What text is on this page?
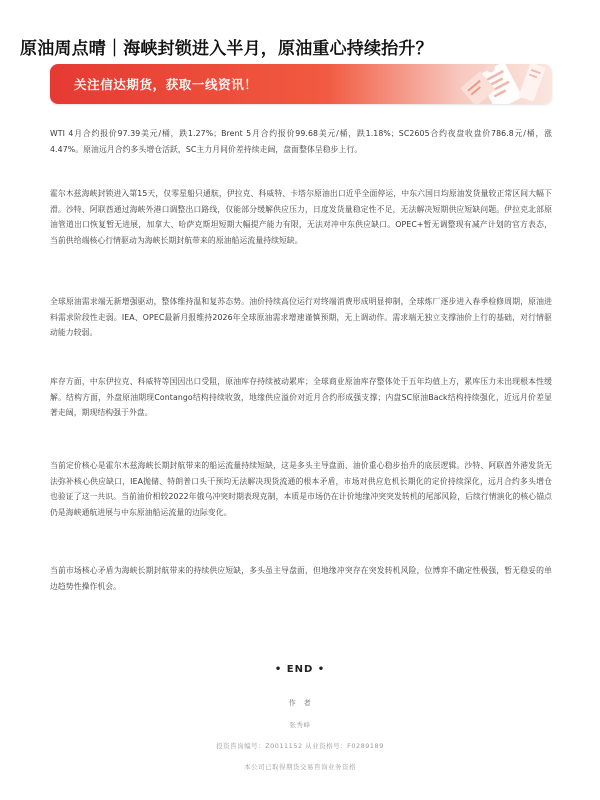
原油周点晴｜海峡封锁进入半月，原油重心持续抬升？
关注信达期货，获取一线资讯！

WTI 4月合约报价97.39美元/桶，跌1.27%；Brent 5月合约报价99.68美元/桶，跌1.18%；SC2605合约夜盘收盘价786.8元/桶，涨4.47%。原油远月合约多头增仓活跃，SC主力月间价差持续走阔，盘面整体呈稳步上行。

霍尔木兹海峡封锁进入第15天，仅零星船只通航，伊拉克、科威特、卡塔尔原油出口近乎全面停运，中东六国日均原油发货量较正常区间大幅下滑。沙特、阿联酋通过海峡外港口调整出口路线，仅能部分缓解供应压力，日度发货量稳定性不足，无法解决短期供应短缺问题。伊拉克北部原油管道出口恢复暂无进展，加拿大、哈萨克斯坦短期大幅提产能力有限，无法对冲中东供应缺口。OPEC+暂无调整现有减产计划的官方表态，当前供给端核心行情驱动为海峡长期封航带来的原油船运流量持续短缺。

全球原油需求端无新增强驱动，整体维持温和复苏态势。油价持续高位运行对终端消费形成明显抑制，全球炼厂逐步进入春季检修周期，原油进料需求阶段性走弱。IEA、OPEC最新月报维持2026年全球原油需求增速谨慎预期，无上调动作。需求端无独立支撑油价上行的基础，对行情驱动能力较弱。

库存方面，中东伊拉克、科威特等国因出口受阻，原油库存持续被动累库；全球商业原油库存整体处于五年均值上方，累库压力未出现根本性缓解。结构方面，外盘原油期现Contango结构持续收敛，地缘供应溢价对近月合约形成强支撑；内盘SC原油Back结构持续强化，近远月价差显著走阔，期现结构强于外盘。

当前定价核心是霍尔木兹海峡长期封航带来的船运流量持续短缺，这是多头主导盘面、油价重心稳步抬升的底层逻辑。沙特、阿联酋外港发货无法弥补核心供应缺口，IEA抛储、特朗普口头干预均无法解决现货流通的根本矛盾，市场对供应危机长期化的定价持续深化，远月合约多头增仓也验证了这一共识。当前油价相较2022年俄乌冲突时期表现克制，本质是市场仍在计价地缘冲突突发转机的尾部风险，后续行情演化的核心锚点仍是海峡通航进展与中东原油船运流量的边际变化。

当前市场核心矛盾为海峡长期封航带来的持续供应短缺，多头虽主导盘面，但地缘冲突存在突发转机风险，位博弈不确定性极强，暂无稳妥的单边趋势性操作机会。

• END •
作　者
张秀峰
投资咨询编号：Z0011152 从业资格号：F0289189
本公司已取得期货交易咨询业务资格
